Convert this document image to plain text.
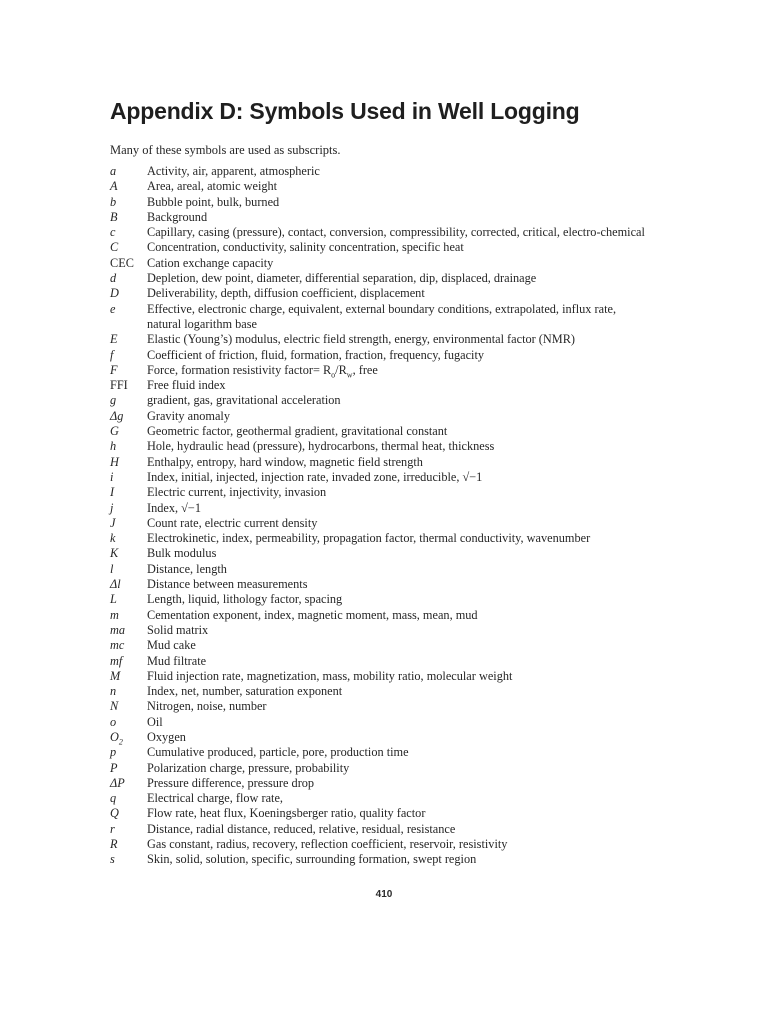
Appendix D: Symbols Used in Well Logging

Many of these symbols are used as subscripts.

a	Activity, air, apparent, atmospheric
A	Area, areal, atomic weight
b	Bubble point, bulk, burned
B	Background
c	Capillary, casing (pressure), contact, conversion, compressibility, corrected, critical, electro-chemical
C	Concentration, conductivity, salinity concentration, specific heat
CEC	Cation exchange capacity
d	Depletion, dew point, diameter, differential separation, dip, displaced, drainage
D	Deliverability, depth, diffusion coefficient, displacement
e	Effective, electronic charge, equivalent, external boundary conditions, extrapolated, influx rate, natural logarithm base
E	Elastic (Young’s) modulus, electric field strength, energy, environmental factor (NMR)
f	Coefficient of friction, fluid, formation, fraction, frequency, fugacity
F	Force, formation resistivity factor= $R_o/R_w$, free
FFI	Free fluid index
g	gradient, gas, gravitational acceleration
Δg	Gravity anomaly
G	Geometric factor, geothermal gradient, gravitational constant
h	Hole, hydraulic head (pressure), hydrocarbons, thermal heat, thickness
H	Enthalpy, entropy, hard window, magnetic field strength
i	Index, initial, injected, injection rate, invaded zone, irreducible, √−1
I	Electric current, injectivity, invasion
j	Index, √−1
J	Count rate, electric current density
k	Electrokinetic, index, permeability, propagation factor, thermal conductivity, wavenumber
K	Bulk modulus
l	Distance, length
Δl	Distance between measurements
L	Length, liquid, lithology factor, spacing
m	Cementation exponent, index, magnetic moment, mass, mean, mud
ma	Solid matrix
mc	Mud cake
mf	Mud filtrate
M	Fluid injection rate, magnetization, mass, mobility ratio, molecular weight
n	Index, net, number, saturation exponent
N	Nitrogen, noise, number
o	Oil
$O_2$	Oxygen
p	Cumulative produced, particle, pore, production time
P	Polarization charge, pressure, probability
ΔP	Pressure difference, pressure drop
q	Electrical charge, flow rate,
Q	Flow rate, heat flux, Koeningsberger ratio, quality factor
r	Distance, radial distance, reduced, relative, residual, resistance
R	Gas constant, radius, recovery, reflection coefficient, reservoir, resistivity
s	Skin, solid, solution, specific, surrounding formation, swept region
410
